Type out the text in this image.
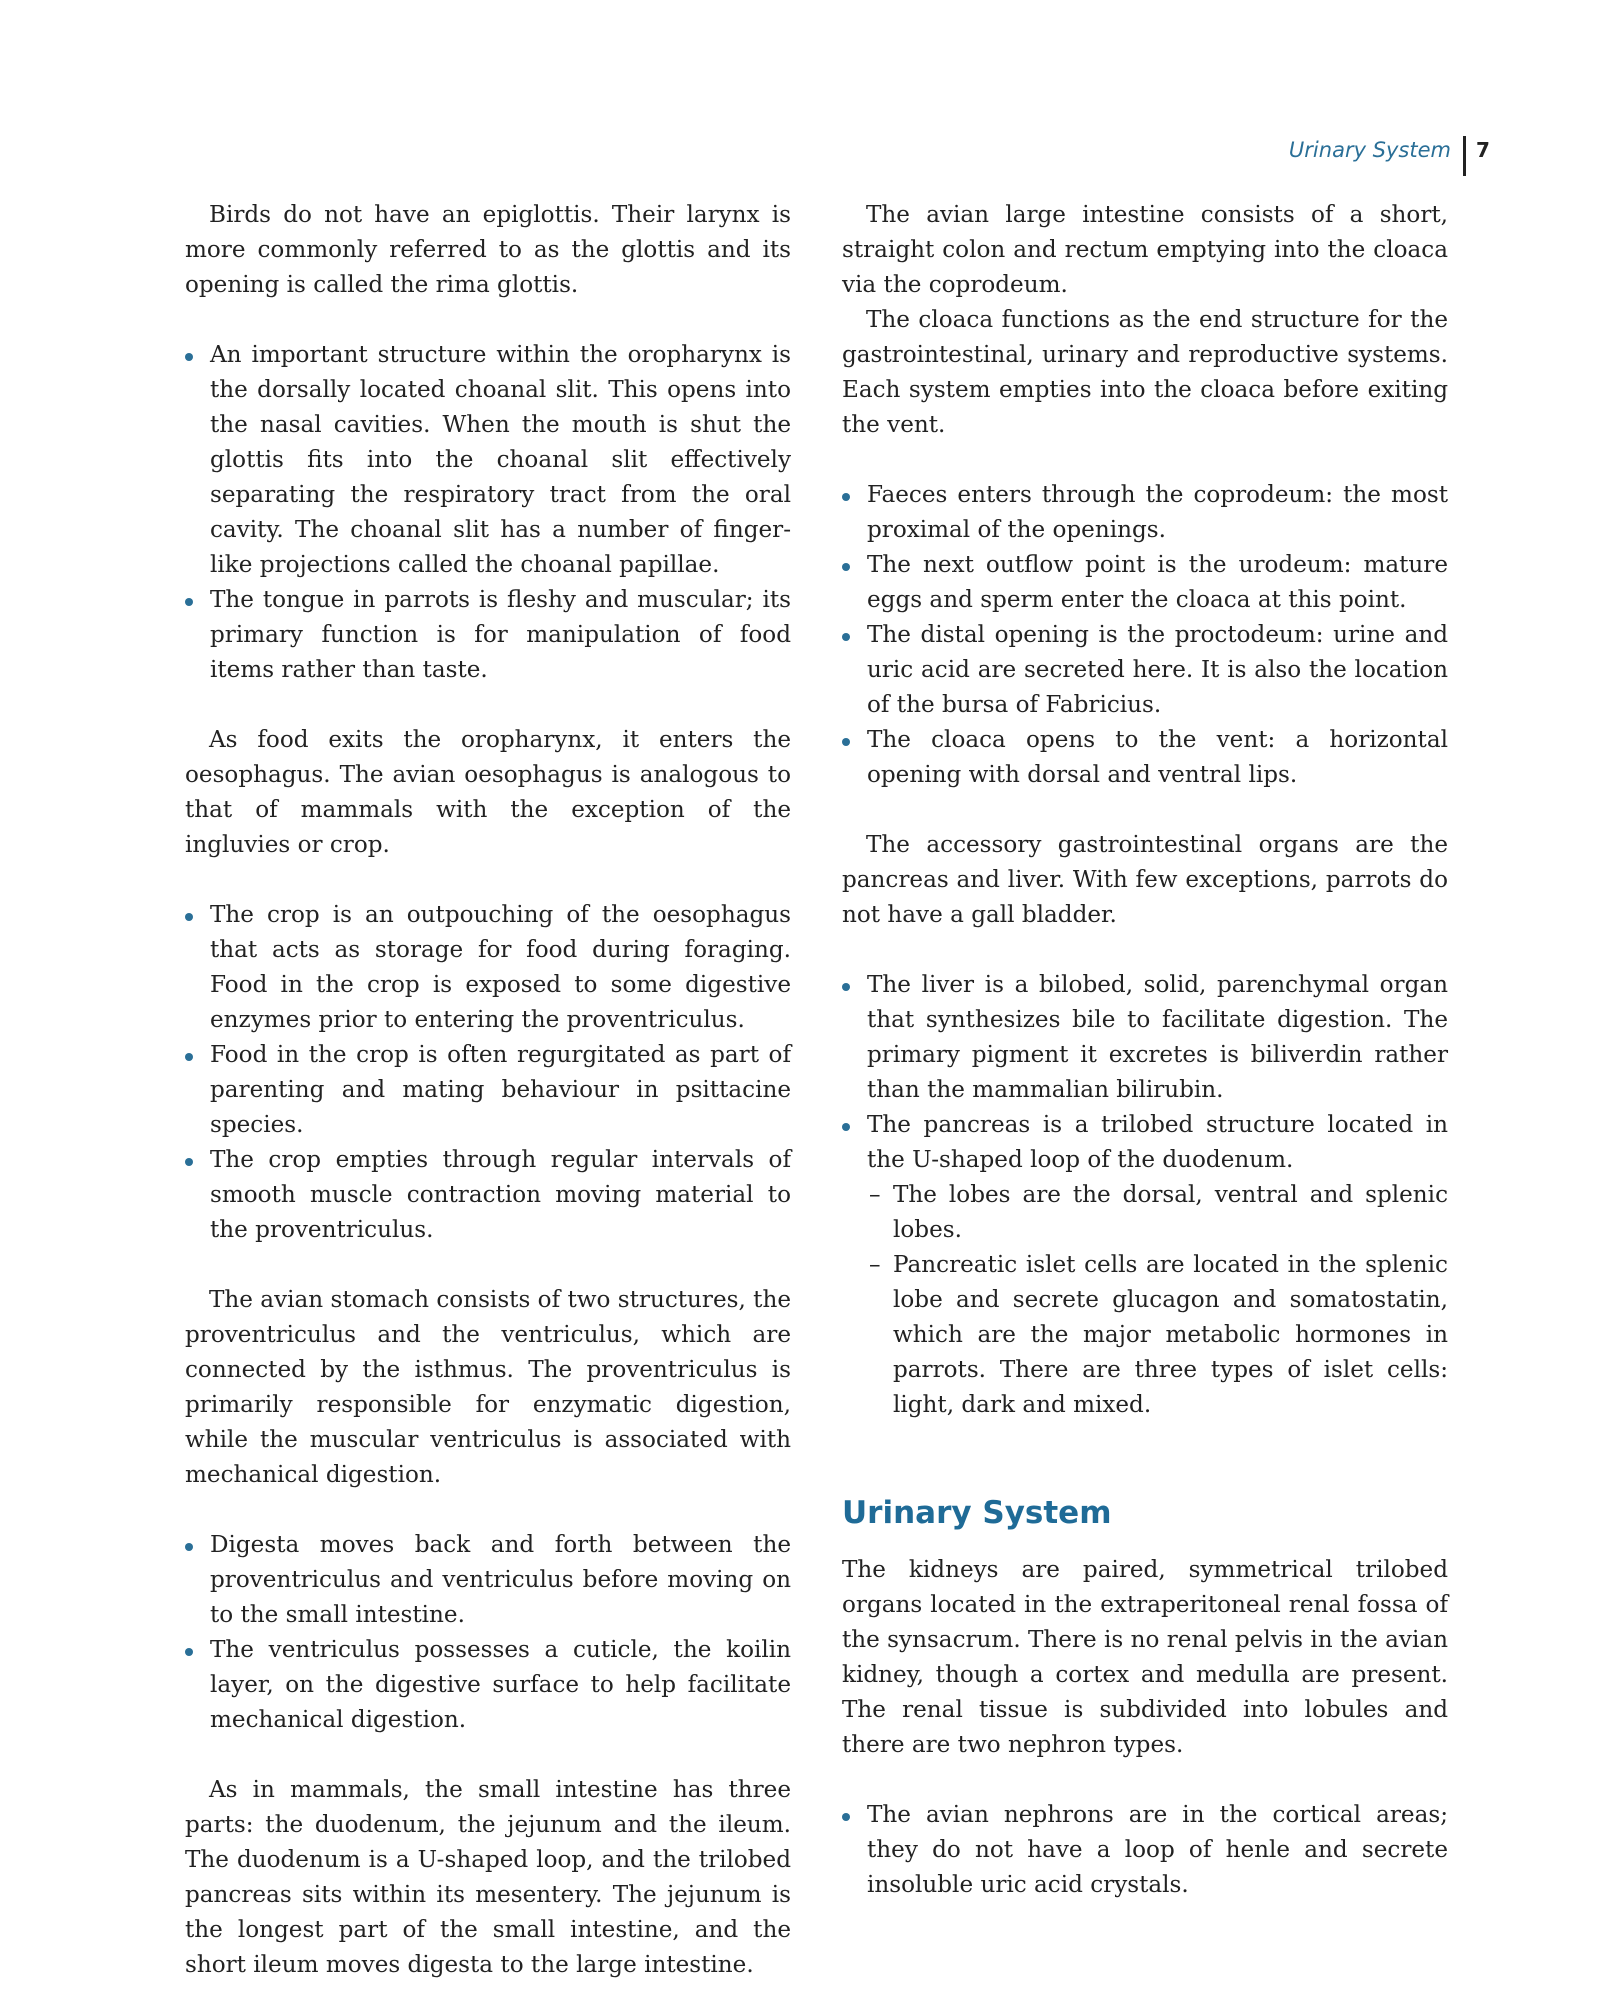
Urinary System 7

Birds do not have an epiglottis. Their larynx is more commonly referred to as the glottis and its opening is called the rima glottis.

An important structure within the oropharynx is the dorsally located choanal slit. This opens into the nasal cavities. When the mouth is shut the glottis fits into the choanal slit effectively separating the respiratory tract from the oral cavity. The choanal slit has a number of finger-like projections called the choanal papillae.
The tongue in parrots is fleshy and muscular; its primary function is for manipulation of food items rather than taste.

As food exits the oropharynx, it enters the oesophagus. The avian oesophagus is analogous to that of mammals with the exception of the ingluvies or crop.

The crop is an outpouching of the oesophagus that acts as storage for food during foraging. Food in the crop is exposed to some digestive enzymes prior to entering the proventriculus.
Food in the crop is often regurgitated as part of parenting and mating behaviour in psittacine species.
The crop empties through regular intervals of smooth muscle contraction moving material to the proventriculus.

The avian stomach consists of two structures, the proventriculus and the ventriculus, which are connected by the isthmus. The proventriculus is primarily responsible for enzymatic digestion, while the muscular ventriculus is associated with mechanical digestion.

Digesta moves back and forth between the proventriculus and ventriculus before moving on to the small intestine.
The ventriculus possesses a cuticle, the koilin layer, on the digestive surface to help facilitate mechanical digestion.

As in mammals, the small intestine has three parts: the duodenum, the jejunum and the ileum. The duodenum is a U-shaped loop, and the trilobed pancreas sits within its mesentery. The jejunum is the longest part of the small intestine, and the short ileum moves digesta to the large intestine.

The avian large intestine consists of a short, straight colon and rectum emptying into the cloaca via the coprodeum.

The cloaca functions as the end structure for the gastrointestinal, urinary and reproductive systems. Each system empties into the cloaca before exiting the vent.

Faeces enters through the coprodeum: the most proximal of the openings.
The next outflow point is the urodeum: mature eggs and sperm enter the cloaca at this point.
The distal opening is the proctodeum: urine and uric acid are secreted here. It is also the location of the bursa of Fabricius.
The cloaca opens to the vent: a horizontal opening with dorsal and ventral lips.

The accessory gastrointestinal organs are the pancreas and liver. With few exceptions, parrots do not have a gall bladder.

The liver is a bilobed, solid, parenchymal organ that synthesizes bile to facilitate digestion. The primary pigment it excretes is biliverdin rather than the mammalian bilirubin.
The pancreas is a trilobed structure located in the U-shaped loop of the duodenum.
– The lobes are the dorsal, ventral and splenic lobes.
– Pancreatic islet cells are located in the splenic lobe and secrete glucagon and somatostatin, which are the major metabolic hormones in parrots. There are three types of islet cells: light, dark and mixed.
Urinary System

The kidneys are paired, symmetrical trilobed organs located in the extraperitoneal renal fossa of the synsacrum. There is no renal pelvis in the avian kidney, though a cortex and medulla are present. The renal tissue is subdivided into lobules and there are two nephron types.

The avian nephrons are in the cortical areas; they do not have a loop of henle and secrete insoluble uric acid crystals.
